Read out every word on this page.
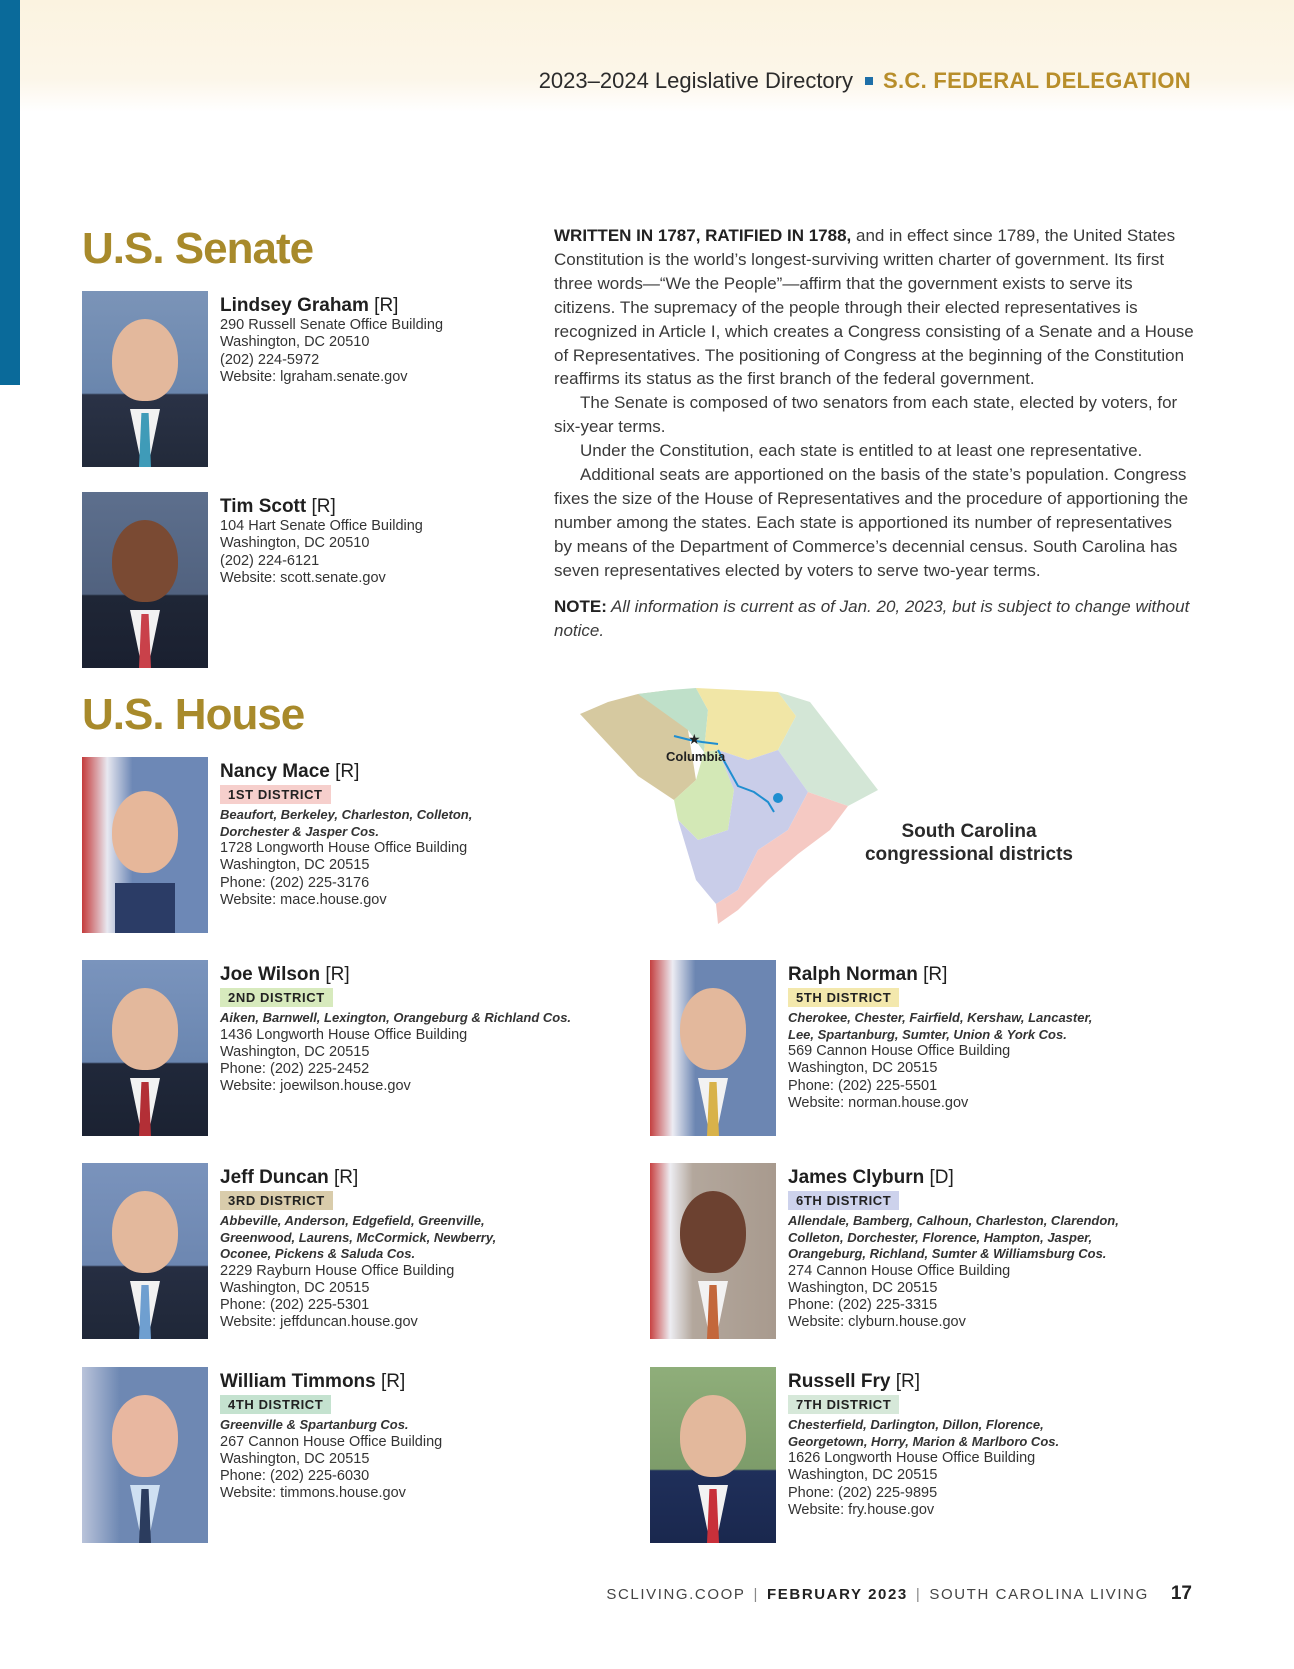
2023–2024 Legislative Directory S.C. FEDERAL DELEGATION
U.S. Senate
U.S. House
Lindsey Graham [R]
290 Russell Senate Office Building
Washington, DC 20510
(202) 224-5972
Website: lgraham.senate.gov
Tim Scott [R]
104 Hart Senate Office Building
Washington, DC 20510
(202) 224-6121
Website: scott.senate.gov

WRITTEN IN 1787, RATIFIED IN 1788, and in effect since 1789, the United States Constitution is the world’s longest-surviving written charter of government. Its first three words—“We the People”—affirm that the government exists to serve its citizens. The supremacy of the people through their elected representatives is recognized in Article I, which creates a Congress consisting of a Senate and a House of Representatives. The positioning of Congress at the beginning of the Constitution reaffirms its status as the first branch of the federal government.

The Senate is composed of two senators from each state, elected by voters, for six-year terms.

Under the Constitution, each state is entitled to at least one representative.

Additional seats are apportioned on the basis of the state’s population. Congress fixes the size of the House of Representatives and the procedure of apportioning the number among the states. Each state is apportioned its number of representatives by means of the Department of Commerce’s decennial census. South Carolina has seven representatives elected by voters to serve two-year terms.

NOTE: All information is current as of Jan. 20, 2023, but is subject to change without notice.

★
Columbia
South Carolina
congressional districts
Nancy Mace [R]
1ST DISTRICT
Beaufort, Berkeley, Charleston, Colleton,
Dorchester & Jasper Cos.
1728 Longworth House Office Building
Washington, DC 20515
Phone: (202) 225-3176
Website: mace.house.gov
Joe Wilson [R]
2ND DISTRICT
Aiken, Barnwell, Lexington, Orangeburg & Richland Cos.
1436 Longworth House Office Building
Washington, DC 20515
Phone: (202) 225-2452
Website: joewilson.house.gov
Jeff Duncan [R]
3RD DISTRICT
Abbeville, Anderson, Edgefield, Greenville,
Greenwood, Laurens, McCormick, Newberry,
Oconee, Pickens & Saluda Cos.
2229 Rayburn House Office Building
Washington, DC 20515
Phone: (202) 225-5301
Website: jeffduncan.house.gov
William Timmons [R]
4TH DISTRICT
Greenville & Spartanburg Cos.
267 Cannon House Office Building
Washington, DC 20515
Phone: (202) 225-6030
Website: timmons.house.gov
Ralph Norman [R]
5TH DISTRICT
Cherokee, Chester, Fairfield, Kershaw, Lancaster,
Lee, Spartanburg, Sumter, Union & York Cos.
569 Cannon House Office Building
Washington, DC 20515
Phone: (202) 225-5501
Website: norman.house.gov
James Clyburn [D]
6TH DISTRICT
Allendale, Bamberg, Calhoun, Charleston, Clarendon,
Colleton, Dorchester, Florence, Hampton, Jasper,
Orangeburg, Richland, Sumter & Williamsburg Cos.
274 Cannon House Office Building
Washington, DC 20515
Phone: (202) 225-3315
Website: clyburn.house.gov
Russell Fry [R]
7TH DISTRICT
Chesterfield, Darlington, Dillon, Florence,
Georgetown, Horry, Marion & Marlboro Cos.
1626 Longworth House Office Building
Washington, DC 20515
Phone: (202) 225-9895
Website: fry.house.gov
SCLIVING.COOP | FEBRUARY 2023 | SOUTH CAROLINA LIVING 17
